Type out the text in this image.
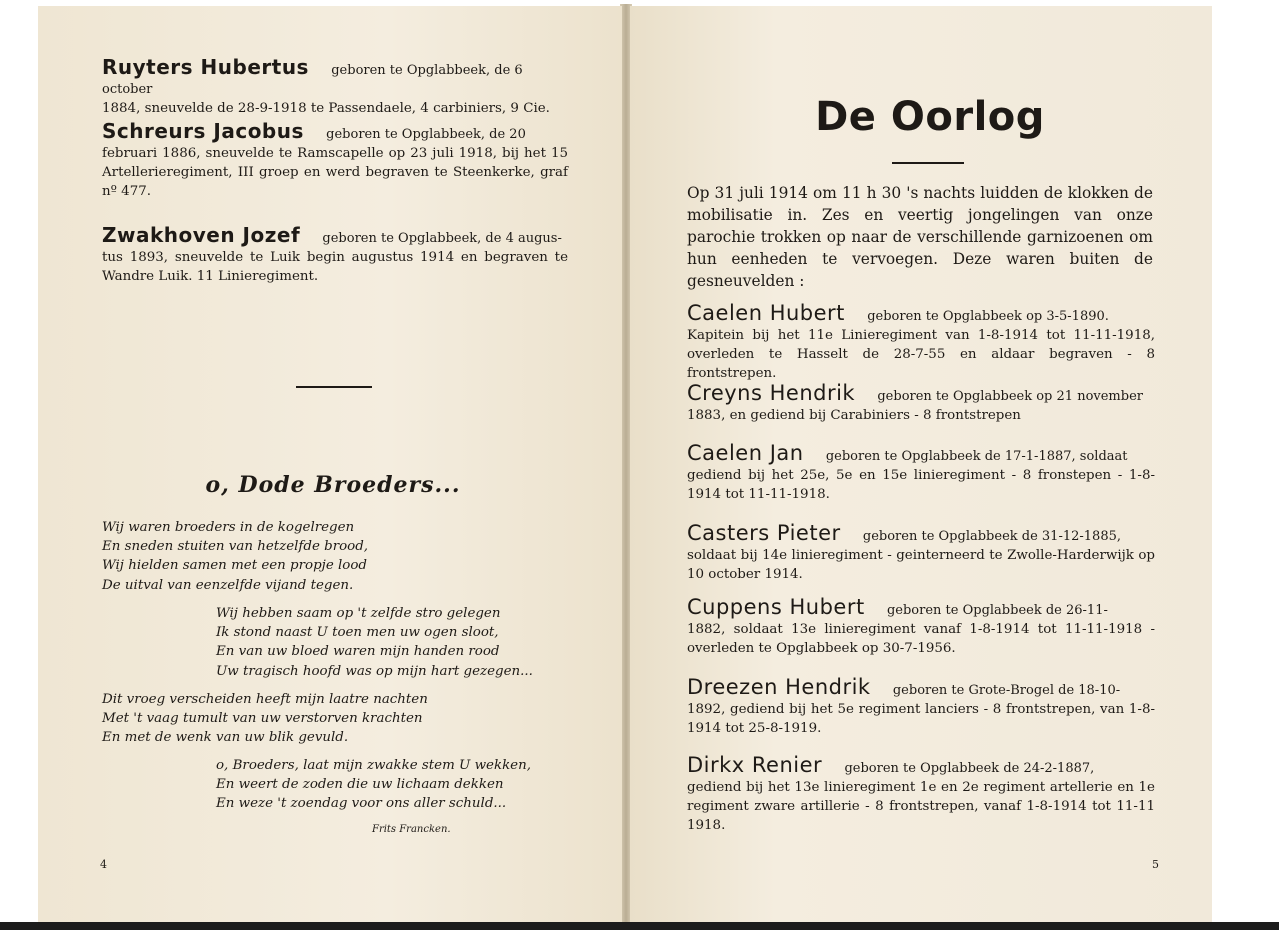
Ruyters Hubertus geboren te Opglabbeek, de 6 october
1884, sneuvelde de 28-9-1918 te Passendaele, 4 carbiniers, 9 Cie.
Schreurs Jacobus geboren te Opglabbeek, de 20
februari 1886, sneuvelde te Ramscapelle op 23 juli 1918, bij het 15 Artellerieregiment, III groep en werd begraven te Steenkerke, graf nº 477.
Zwakhoven Jozef geboren te Opglabbeek, de 4 augus-
tus 1893, sneuvelde te Luik begin augustus 1914 en begraven te Wandre Luik. 11 Linieregiment.
o, Dode Broeders...
Wij waren broeders in de kogelregen
En sneden stuiten van hetzelfde brood,
Wij hielden samen met een propje lood
De uitval van eenzelfde vijand tegen.
Wij hebben saam op 't zelfde stro gelegen
Ik stond naast U toen men uw ogen sloot,
En van uw bloed waren mijn handen rood
Uw tragisch hoofd was op mijn hart gezegen...
Dit vroeg verscheiden heeft mijn laatre nachten
Met 't vaag tumult van uw verstorven krachten
En met de wenk van uw blik gevuld.
o, Broeders, laat mijn zwakke stem U wekken,
En weert de zoden die uw lichaam dekken
En weze 't zoendag voor ons aller schuld...
Frits Francken.
4
De Oorlog

Op 31 juli 1914 om 11 h 30 's nachts luidden de klokken de mobilisatie in. Zes en veertig jongelingen van onze parochie trokken op naar de verschillende garnizoenen om hun eenheden te vervoegen. Deze waren buiten de gesneuvelden :

Caelen Hubert geboren te Opglabbeek op 3-5-1890.
Kapitein bij het 11e Linieregiment van 1-8-1914 tot 11-11-1918, overleden te Hasselt de 28-7-55 en aldaar begraven - 8 frontstrepen.
Creyns Hendrik geboren te Opglabbeek op 21 november
1883, en gediend bij Carabiniers - 8 frontstrepen
Caelen Jan geboren te Opglabbeek de 17-1-1887, soldaat
gediend bij het 25e, 5e en 15e linieregiment - 8 fronstepen - 1-8-1914 tot 11-11-1918.
Casters Pieter geboren te Opglabbeek de 31-12-1885,
soldaat bij 14e linieregiment - geinterneerd te Zwolle-Harderwijk op 10 october 1914.
Cuppens Hubert geboren te Opglabbeek de 26-11-
1882, soldaat 13e linieregiment vanaf 1-8-1914 tot 11-11-1918 - overleden te Opglabbeek op 30-7-1956.
Dreezen Hendrik geboren te Grote-Brogel de 18-10-
1892, gediend bij het 5e regiment lanciers - 8 frontstrepen, van 1-8-1914 tot 25-8-1919.
Dirkx Renier geboren te Opglabbeek de 24-2-1887,
gediend bij het 13e linieregiment 1e en 2e regiment artellerie en 1e regiment zware artillerie - 8 frontstrepen, vanaf 1-8-1914 tot 11-11 1918.
5
